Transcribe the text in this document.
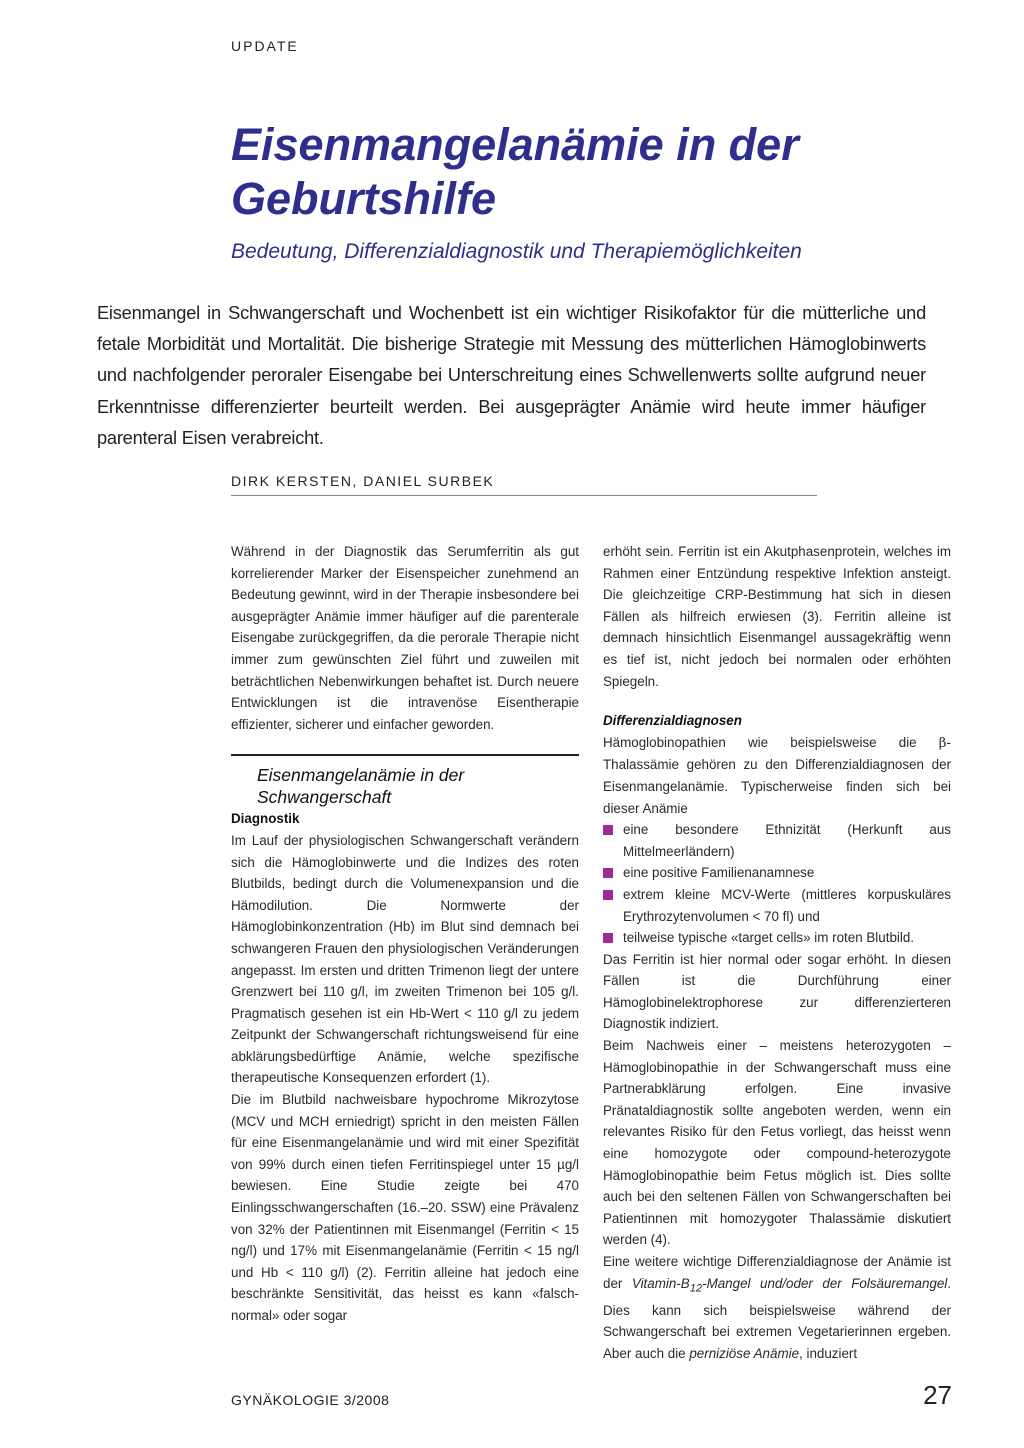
UPDATE
Eisenmangelanämie in der Geburtshilfe
Bedeutung, Differenzialdiagnostik und Therapiemöglichkeiten
Eisenmangel in Schwangerschaft und Wochenbett ist ein wichtiger Risikofaktor für die mütterliche und fetale Morbidität und Mortalität. Die bisherige Strategie mit Messung des mütterlichen Hämoglobinwerts und nachfolgender peroraler Eisengabe bei Unterschreitung eines Schwellenwerts sollte aufgrund neuer Erkenntnisse differenzierter beurteilt werden. Bei ausgeprägter Anämie wird heute immer häufiger parenteral Eisen verabreicht.
DIRK KERSTEN, DANIEL SURBEK

Während in der Diagnostik das Serumferritin als gut korrelierender Marker der Eisenspeicher zunehmend an Bedeutung gewinnt, wird in der Therapie insbesondere bei ausgeprägter Anämie immer häufiger auf die parenterale Eisengabe zurückgegriffen, da die perorale Therapie nicht immer zum gewünschten Ziel führt und zuweilen mit beträchtlichen Nebenwirkungen behaftet ist. Durch neuere Entwicklungen ist die intravenöse Eisentherapie effizienter, sicherer und einfacher geworden.

Eisenmangelanämie in der
Schwangerschaft

Diagnostik

Im Lauf der physiologischen Schwangerschaft verändern sich die Hämoglobinwerte und die Indizes des roten Blutbilds, bedingt durch die Volumenexpansion und die Hämodilution. Die Normwerte der Hämoglobinkonzentration (Hb) im Blut sind demnach bei schwangeren Frauen den physiologischen Veränderungen angepasst. Im ersten und dritten Trimenon liegt der untere Grenzwert bei 110 g/l, im zweiten Trimenon bei 105 g/l. Pragmatisch gesehen ist ein Hb-Wert < 110 g/l zu jedem Zeitpunkt der Schwangerschaft richtungsweisend für eine abklärungsbedürftige Anämie, welche spezifische therapeutische Konsequenzen erfordert (1).

Die im Blutbild nachweisbare hypochrome Mikrozytose (MCV und MCH erniedrigt) spricht in den meisten Fällen für eine Eisenmangelanämie und wird mit einer Spezifität von 99% durch einen tiefen Ferritinspiegel unter 15 µg/l bewiesen. Eine Studie zeigte bei 470 Einlingsschwangerschaften (16.–20. SSW) eine Prävalenz von 32% der Patientinnen mit Eisenmangel (Ferritin < 15 ng/l) und 17% mit Eisenmangelanämie (Ferritin < 15 ng/l und Hb < 110 g/l) (2). Ferritin alleine hat jedoch eine beschränkte Sensitivität, das heisst es kann «falsch-normal» oder sogar

erhöht sein. Ferritin ist ein Akutphasenprotein, welches im Rahmen einer Entzündung respektive Infektion ansteigt. Die gleichzeitige CRP-Bestimmung hat sich in diesen Fällen als hilfreich erwiesen (3). Ferritin alleine ist demnach hinsichtlich Eisenmangel aussagekräftig wenn es tief ist, nicht jedoch bei normalen oder erhöhten Spiegeln.

Differenzialdiagnosen

Hämoglobinopathien wie beispielsweise die β-Thalassämie gehören zu den Differenzialdiagnosen der Eisenmangelanämie. Typischerweise finden sich bei dieser Anämie

eine besondere Ethnizität (Herkunft aus Mittelmeerländern)
eine positive Familienanamnese
extrem kleine MCV-Werte (mittleres korpuskuläres Erythrozytenvolumen < 70 fl) und
teilweise typische «target cells» im roten Blutbild.

Das Ferritin ist hier normal oder sogar erhöht. In diesen Fällen ist die Durchführung einer Hämoglobinelektrophorese zur differenzierteren Diagnostik indiziert.

Beim Nachweis einer – meistens heterozygoten – Hämoglobinopathie in der Schwangerschaft muss eine Partnerabklärung erfolgen. Eine invasive Pränataldiagnostik sollte angeboten werden, wenn ein relevantes Risiko für den Fetus vorliegt, das heisst wenn eine homozygote oder compound-heterozygote Hämoglobinopathie beim Fetus möglich ist. Dies sollte auch bei den seltenen Fällen von Schwangerschaften bei Patientinnen mit homozygoter Thalassämie diskutiert werden (4).

Eine weitere wichtige Differenzialdiagnose der Anämie ist der Vitamin-$B_{12}$-Mangel und/oder der Folsäuremangel. Dies kann sich beispielsweise während der Schwangerschaft bei extremen Vegetarierinnen ergeben. Aber auch die perniziöse Anämie, induziert

GYNÄKOLOGIE 3/2008	27
